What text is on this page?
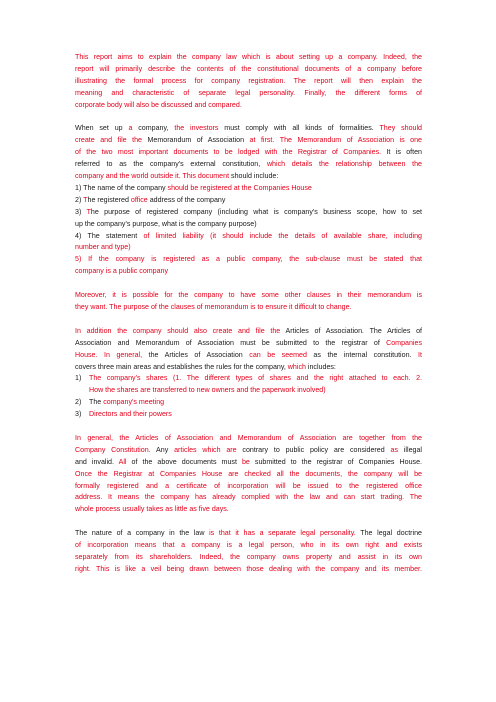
This report aims to explain the company law which is about setting up a company. Indeed, the
report will primarily describe the contents of the constitutional documents of a company before
illustrating the formal process for company registration. The report will then explain the
meaning and characteristic of separate legal personality. Finally, the different forms of
corporate body will also be discussed and compared.
When set up a company, the investors must comply with all kinds of formalities. They should
create and file the Memorandum of Association at first. The Memorandum of Association is one
of the two most important documents to be lodged with the Registrar of Companies. It is often
referred to as the company's external constitution, which details the relationship between the
company and the world outside it. This document should include:
1) The name of the company should be registered at the Companies House
2) The registered office address of the company
3) The purpose of registered company (including what is company's business scope, how to set
up the company's purpose, what is the company purpose)
4) The statement of limited liability (it should include the details of available share, including
number and type)
5) If the company is registered as a public company, the sub-clause must be stated that
company is a public company
Moreover, it is possible for the company to have some other clauses in their memorandum is
they want. The purpose of the clauses of memorandum is to ensure it difficult to change.
In addition the company should also create and file the Articles of Association. The Articles of
Association and Memorandum of Association must be submitted to the registrar of Companies
House. In general, the Articles of Association can be seemed as the internal constitution. It
covers three main areas and establishes the rules for the company, which includes:
1) The company's shares (1. The different types of shares and the right attached to each. 2.
How the shares are transferred to new owners and the paperwork involved)
2) The company's meeting
3) Directors and their powers
In general, the Articles of Association and Memorandum of Association are together from the
Company Constitution. Any articles which are contrary to public policy are considered as illegal
and invalid. All of the above documents must be submitted to the registrar of Companies House.
Once the Registrar at Companies House are checked all the documents, the company will be
formally registered and a certificate of incorporation will be issued to the registered office
address. It means the company has already complied with the law and can start trading. The
whole process usually takes as little as five days.
The nature of a company in the law is that it has a separate legal personality. The legal doctrine
of incorporation means that a company is a legal person, who in its own right and exists
separately from its shareholders. Indeed, the company owns property and assist in its own
right. This is like a veil being drawn between those dealing with the company and its member.
